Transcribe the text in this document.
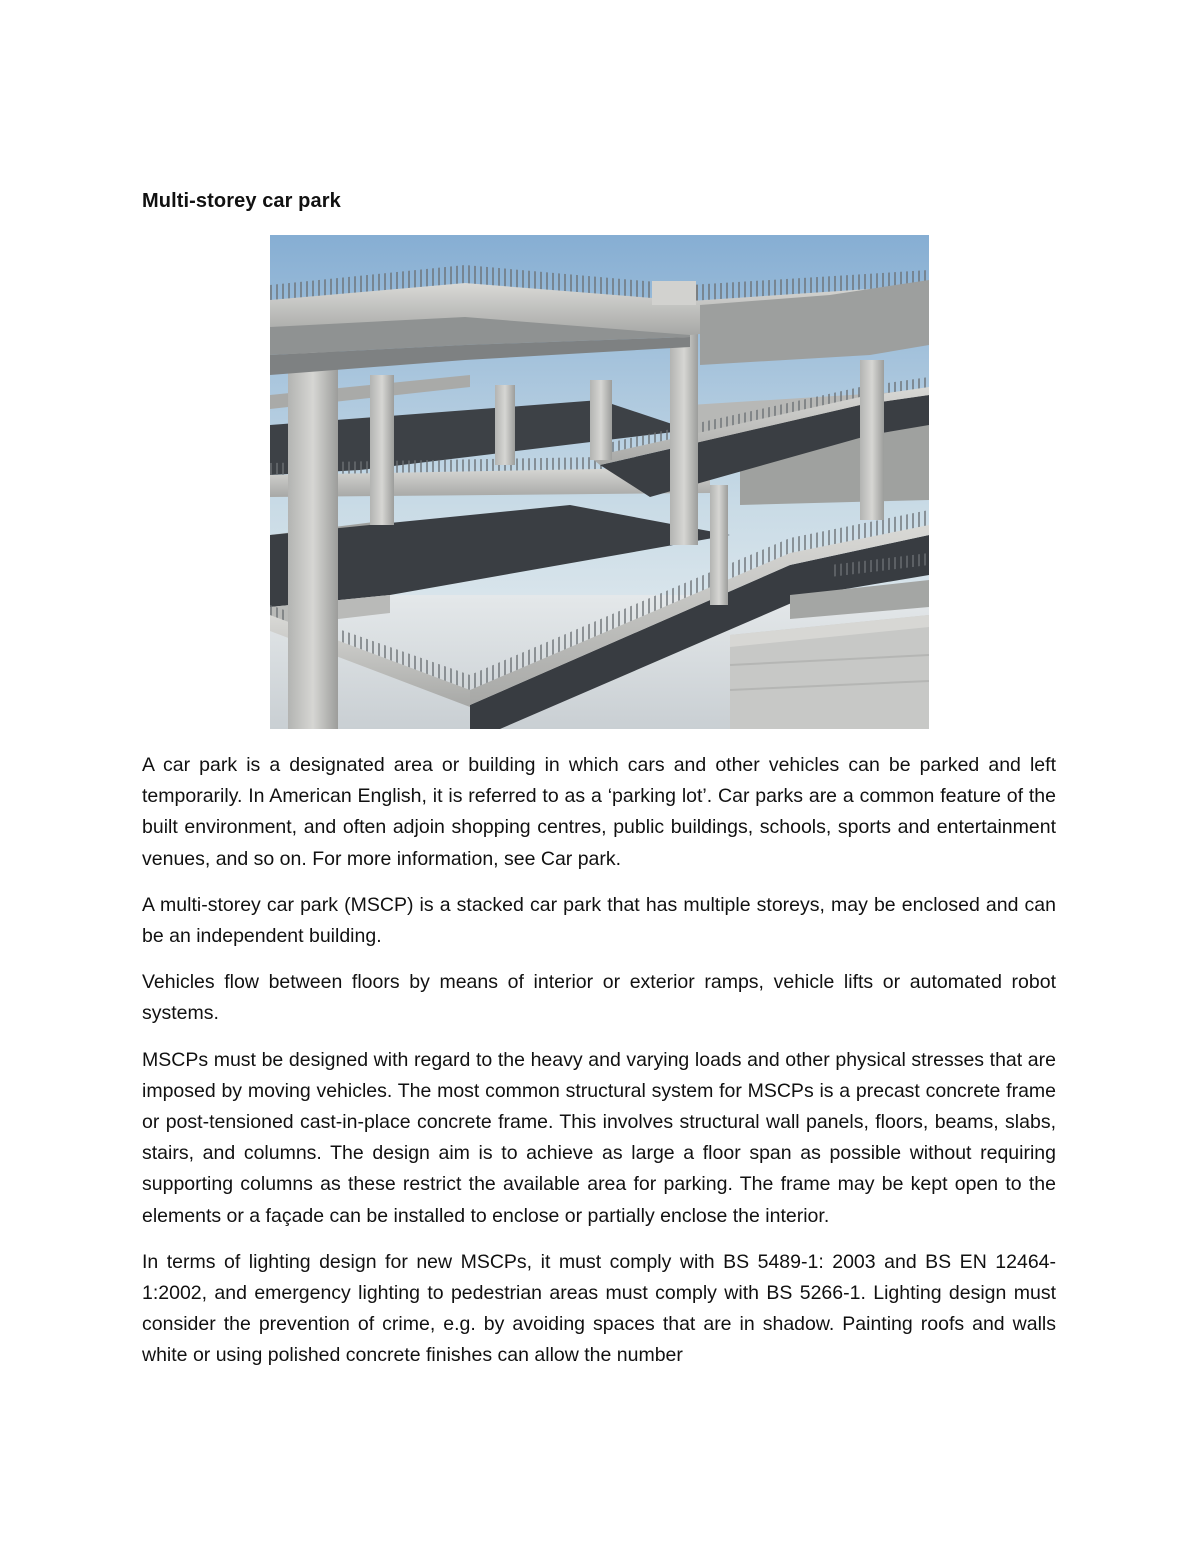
Multi-storey car park

A car park is a designated area or building in which cars and other vehicles can be parked and left temporarily. In American English, it is referred to as a ‘parking lot’. Car parks are a common feature of the built environment, and often adjoin shopping centres, public buildings, schools, sports and entertainment venues, and so on. For more information, see Car park.

A multi-storey car park (MSCP) is a stacked car park that has multiple storeys, may be enclosed and can be an independent building.

Vehicles flow between floors by means of interior or exterior ramps, vehicle lifts or automated robot systems.

MSCPs must be designed with regard to the heavy and varying loads and other physical stresses that are imposed by moving vehicles. The most common structural system for MSCPs is a precast concrete frame or post-tensioned cast-in-place concrete frame. This involves structural wall panels, floors, beams, slabs, stairs, and columns. The design aim is to achieve as large a floor span as possible without requiring supporting columns as these restrict the available area for parking. The frame may be kept open to the elements or a façade can be installed to enclose or partially enclose the interior.

In terms of lighting design for new MSCPs, it must comply with BS 5489-1: 2003 and BS EN 12464-1:2002, and emergency lighting to pedestrian areas must comply with BS 5266-1. Lighting design must consider the prevention of crime, e.g. by avoiding spaces that are in shadow. Painting roofs and walls white or using polished concrete finishes can allow the number
